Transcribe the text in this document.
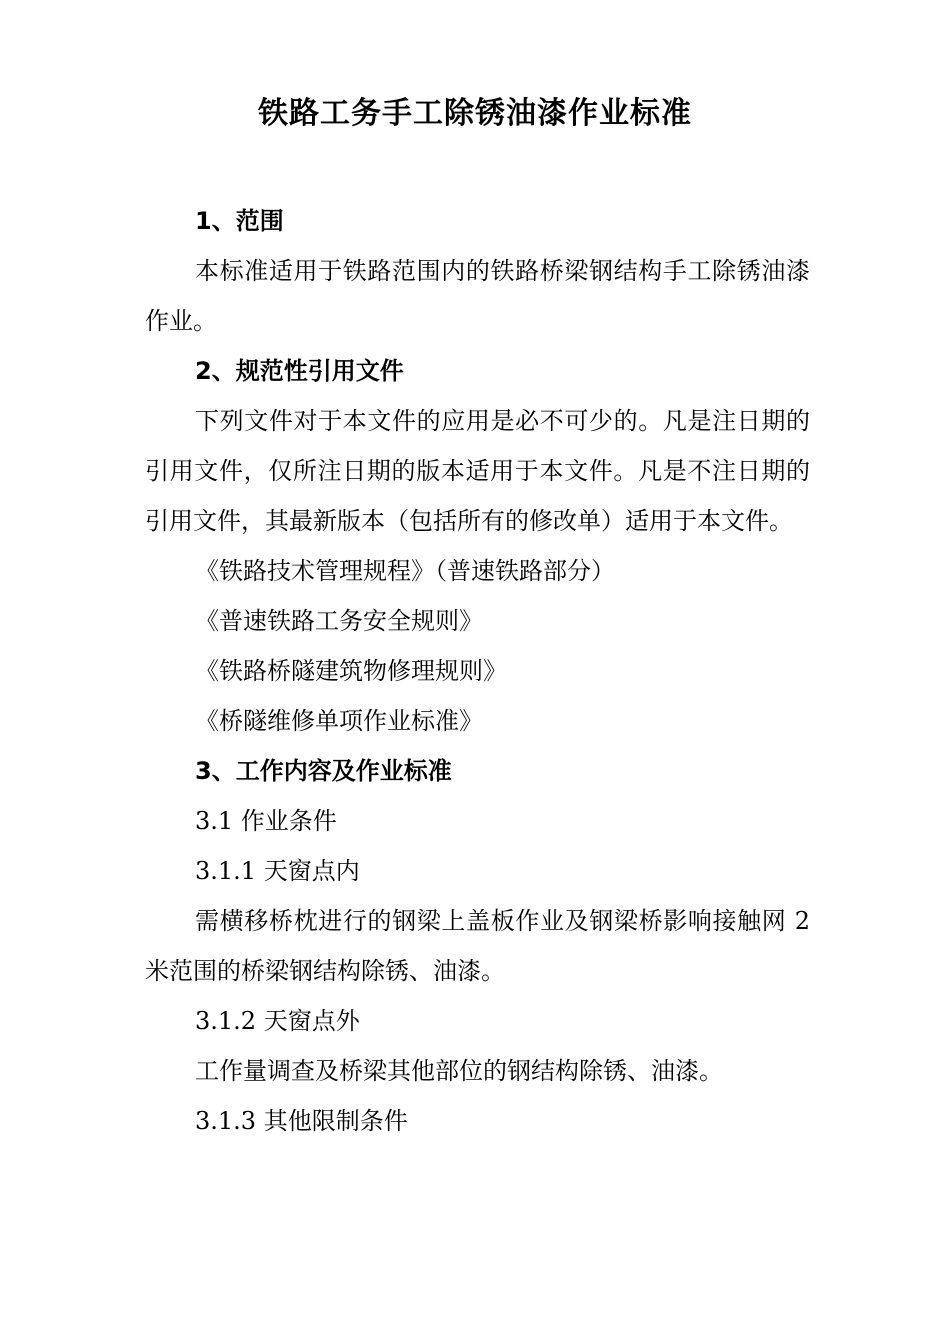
铁路工务手工除锈油漆作业标准

1、范围

本标准适用于铁路范围内的铁路桥梁钢结构手工除锈油漆作业。

2、规范性引用文件

下列文件对于本文件的应用是必不可少的。凡是注日期的引用文件，仅所注日期的版本适用于本文件。凡是不注日期的引用文件，其最新版本（包括所有的修改单）适用于本文件。

《铁路技术管理规程》（普速铁路部分）

《普速铁路工务安全规则》

《铁路桥隧建筑物修理规则》

《桥隧维修单项作业标准》

3、工作内容及作业标准

3.1 作业条件

3.1.1 天窗点内

需横移桥枕进行的钢梁上盖板作业及钢梁桥影响接触网 2 米范围的桥梁钢结构除锈、油漆。

3.1.2 天窗点外

工作量调查及桥梁其他部位的钢结构除锈、油漆。

3.1.3 其他限制条件
